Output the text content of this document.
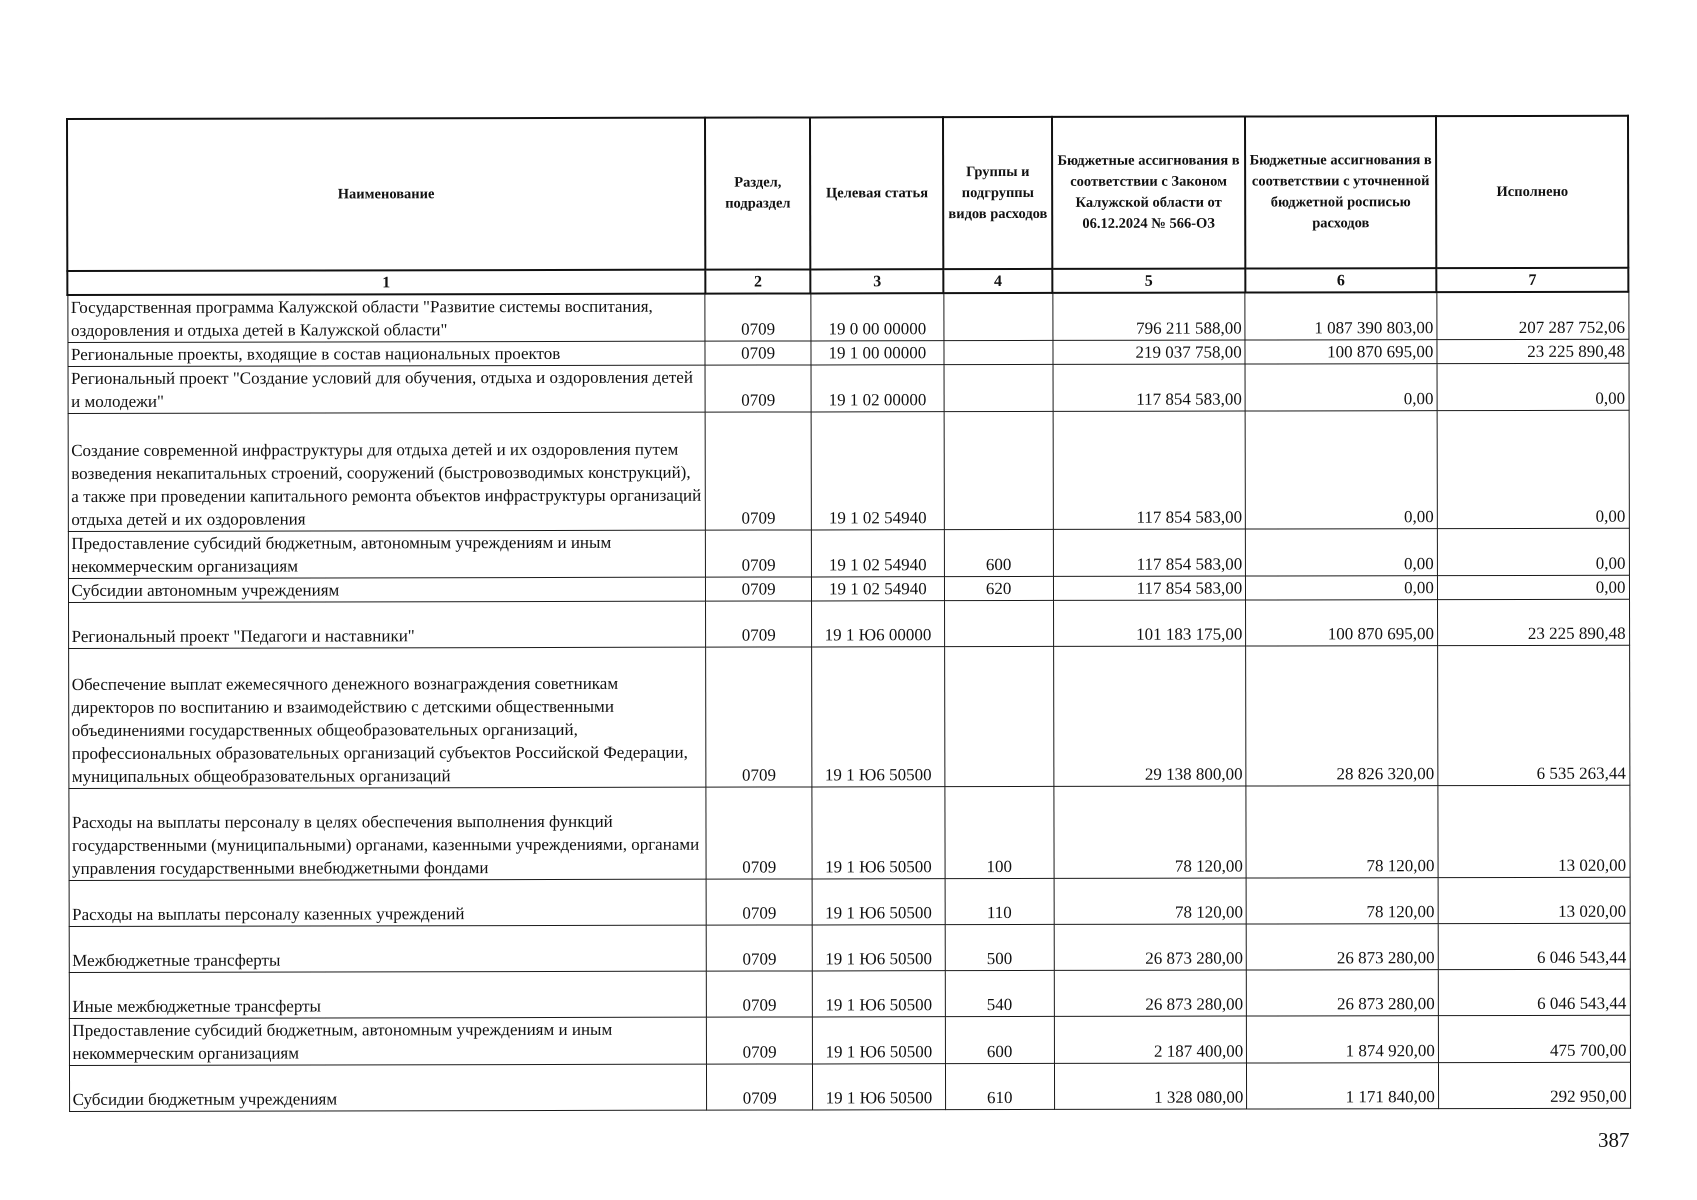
Наименование	Раздел, подраздел	Целевая статья	Группы и подгруппы видов расходов	Бюджетные ассигнования в соответствии с Законом Калужской области от 06.12.2024 № 566-ОЗ	Бюджетные ассигнования в соответствии с уточненной бюджетной росписью расходов	Исполнено
1	2	3	4	5	6	7
Государственная программа Калужской области "Развитие системы воспитания, оздоровления и отдыха детей в Калужской области"	0709	19 0 00 00000		796 211 588,00	1 087 390 803,00	207 287 752,06
Региональные проекты, входящие в состав национальных проектов	0709	19 1 00 00000		219 037 758,00	100 870 695,00	23 225 890,48
Региональный проект "Создание условий для обучения, отдыха и оздоровления детей и молодежи"	0709	19 1 02 00000		117 854 583,00	0,00	0,00
Создание современной инфраструктуры для отдыха детей и их оздоровления путем возведения некапитальных строений, сооружений (быстровозводимых конструкций), а также при проведении капитального ремонта объектов инфраструктуры организаций отдыха детей и их оздоровления	0709	19 1 02 54940		117 854 583,00	0,00	0,00
Предоставление субсидий бюджетным, автономным учреждениям и иным некоммерческим организациям	0709	19 1 02 54940	600	117 854 583,00	0,00	0,00
Субсидии автономным учреждениям	0709	19 1 02 54940	620	117 854 583,00	0,00	0,00
Региональный проект "Педагоги и наставники"	0709	19 1 Ю6 00000		101 183 175,00	100 870 695,00	23 225 890,48
Обеспечение выплат ежемесячного денежного вознаграждения советникам директоров по воспитанию и взаимодействию с детскими общественными объединениями государственных общеобразовательных организаций, профессиональных образовательных организаций субъектов Российской Федерации, муниципальных общеобразовательных организаций	0709	19 1 Ю6 50500		29 138 800,00	28 826 320,00	6 535 263,44
Расходы на выплаты персоналу в целях обеспечения выполнения функций государственными (муниципальными) органами, казенными учреждениями, органами управления государственными внебюджетными фондами	0709	19 1 Ю6 50500	100	78 120,00	78 120,00	13 020,00
Расходы на выплаты персоналу казенных учреждений	0709	19 1 Ю6 50500	110	78 120,00	78 120,00	13 020,00
Межбюджетные трансферты	0709	19 1 Ю6 50500	500	26 873 280,00	26 873 280,00	6 046 543,44
Иные межбюджетные трансферты	0709	19 1 Ю6 50500	540	26 873 280,00	26 873 280,00	6 046 543,44
Предоставление субсидий бюджетным, автономным учреждениям и иным некоммерческим организациям	0709	19 1 Ю6 50500	600	2 187 400,00	1 874 920,00	475 700,00
Субсидии бюджетным учреждениям	0709	19 1 Ю6 50500	610	1 328 080,00	1 171 840,00	292 950,00
387
